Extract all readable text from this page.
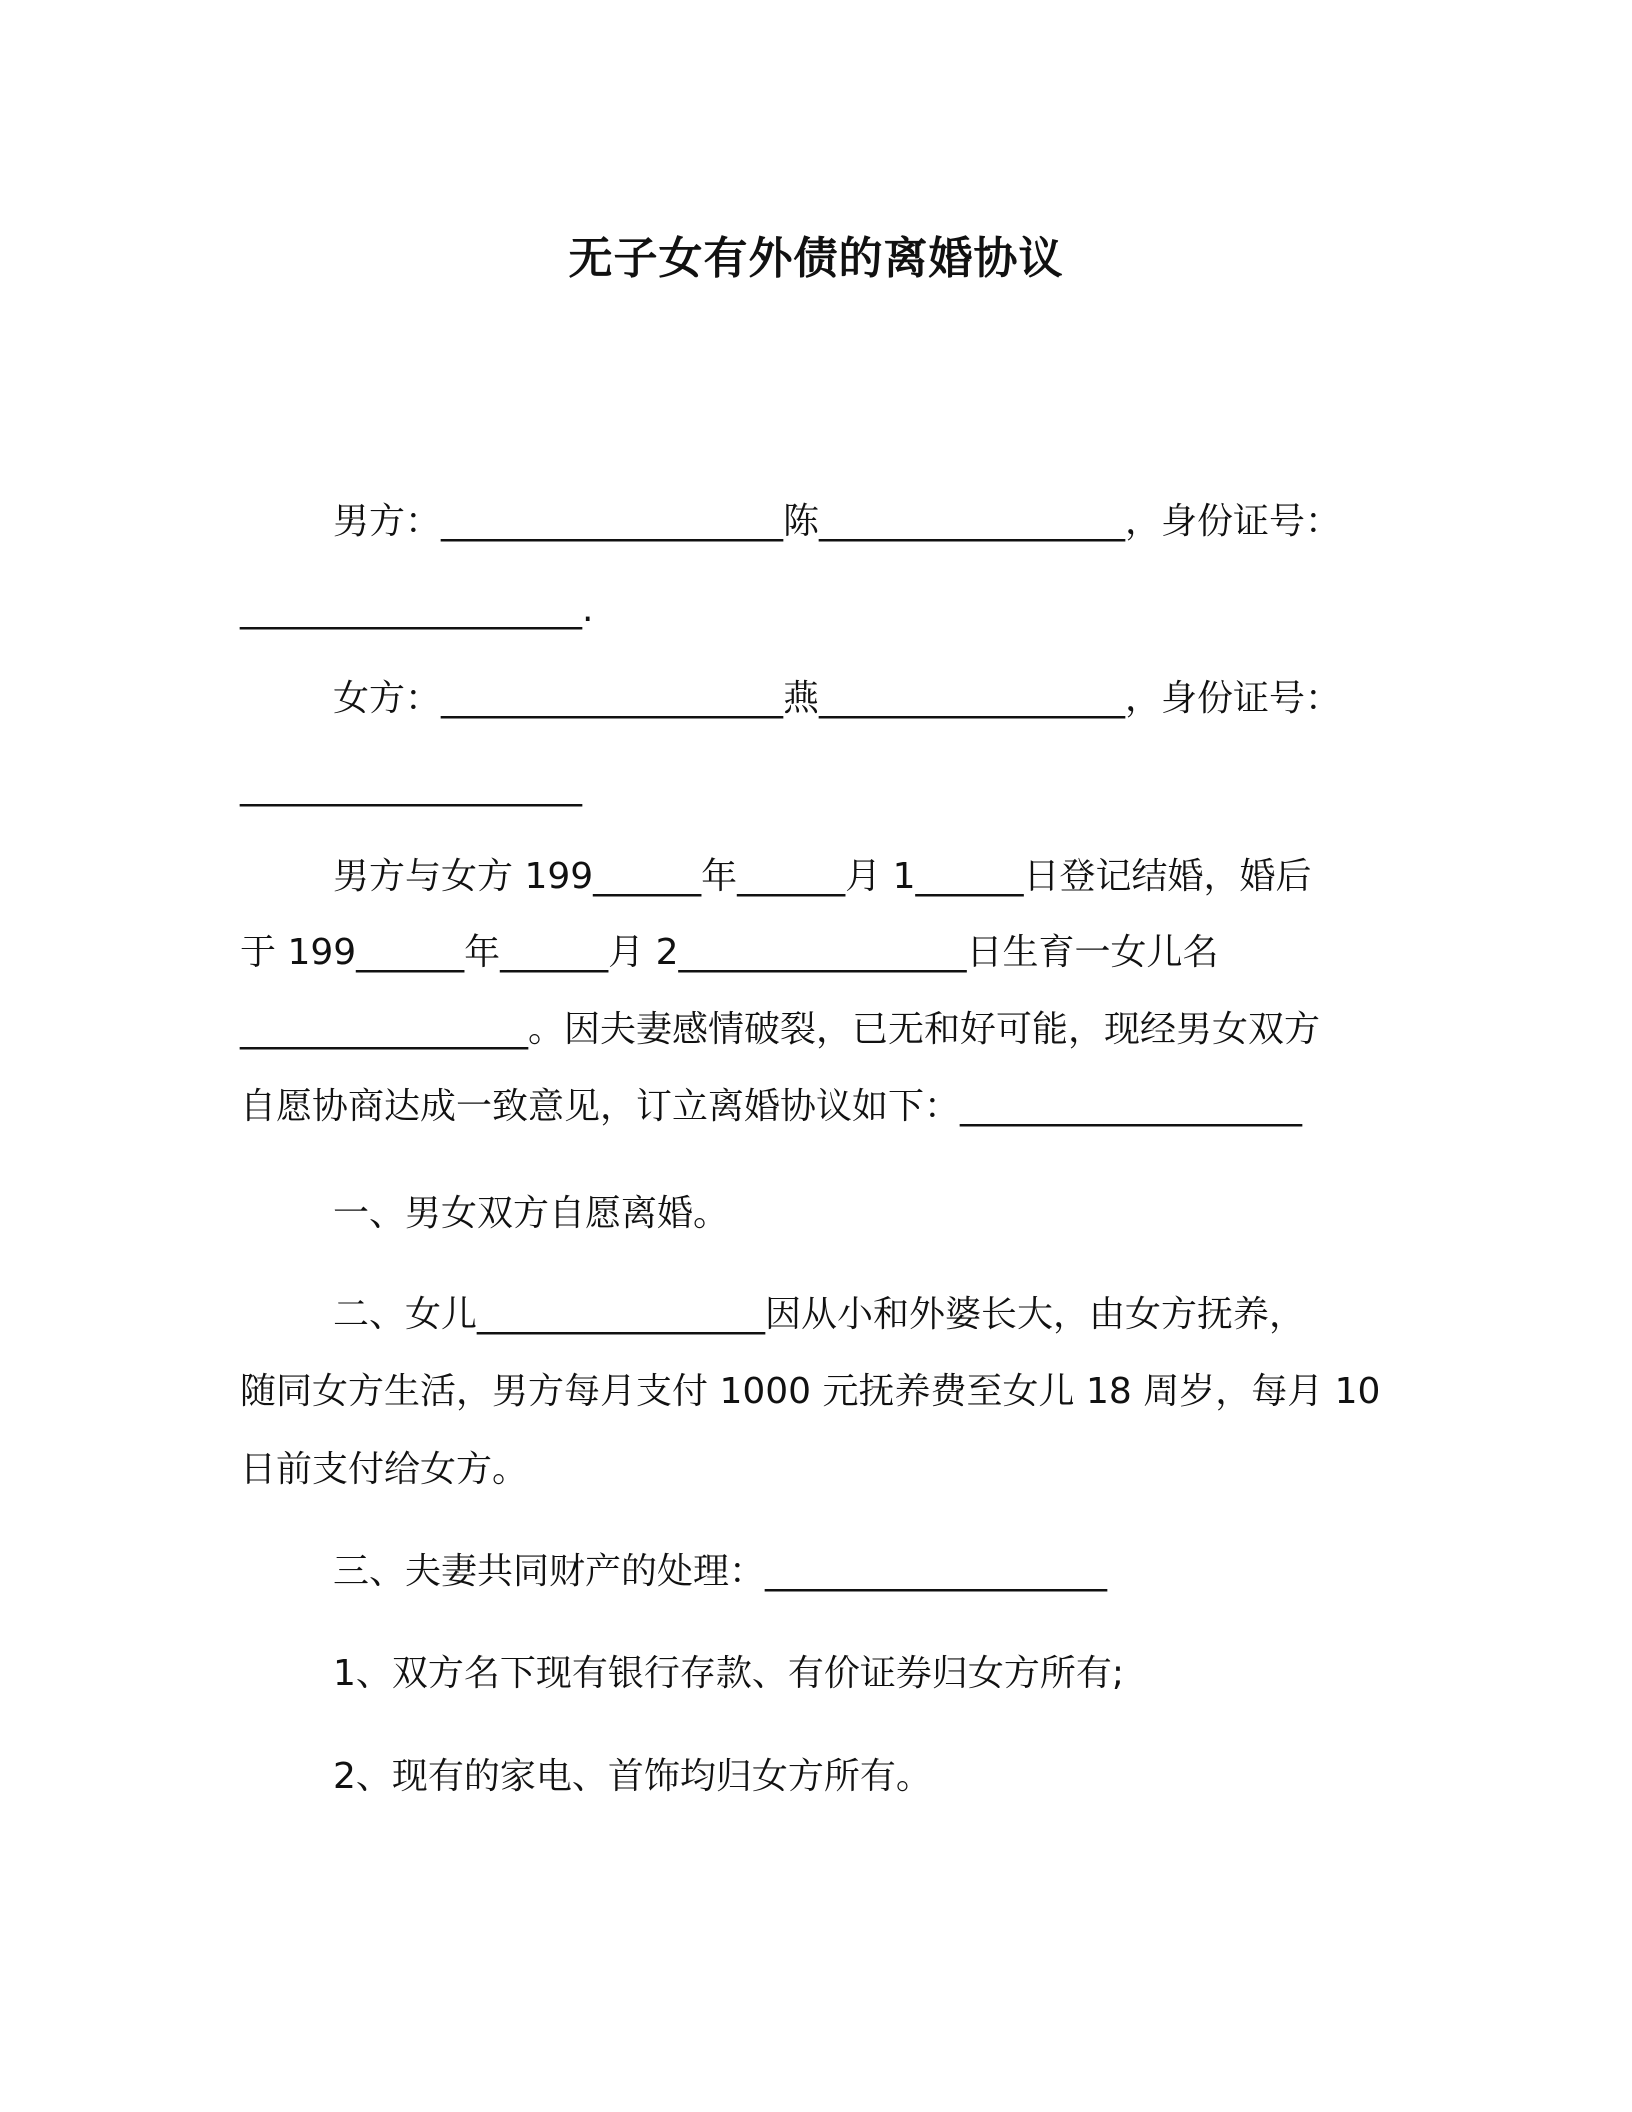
无子女有外债的离婚协议
男方：___________________陈_________________，身份证号：
___________________.
女方：___________________燕_________________，身份证号：
___________________
男方与女方 199______年______月 1______日登记结婚，婚后
于 199______年______月 2________________日生育一女儿名
________________。因夫妻感情破裂，已无和好可能，现经男女双方
自愿协商达成一致意见，订立离婚协议如下：___________________
一、男女双方自愿离婚。
二、女儿________________因从小和外婆长大，由女方抚养，
随同女方生活，男方每月支付 1000 元抚养费至女儿 18 周岁，每月 10
日前支付给女方。
三、夫妻共同财产的处理：___________________
1、双方名下现有银行存款、有价证券归女方所有;
2、现有的家电、首饰均归女方所有。
